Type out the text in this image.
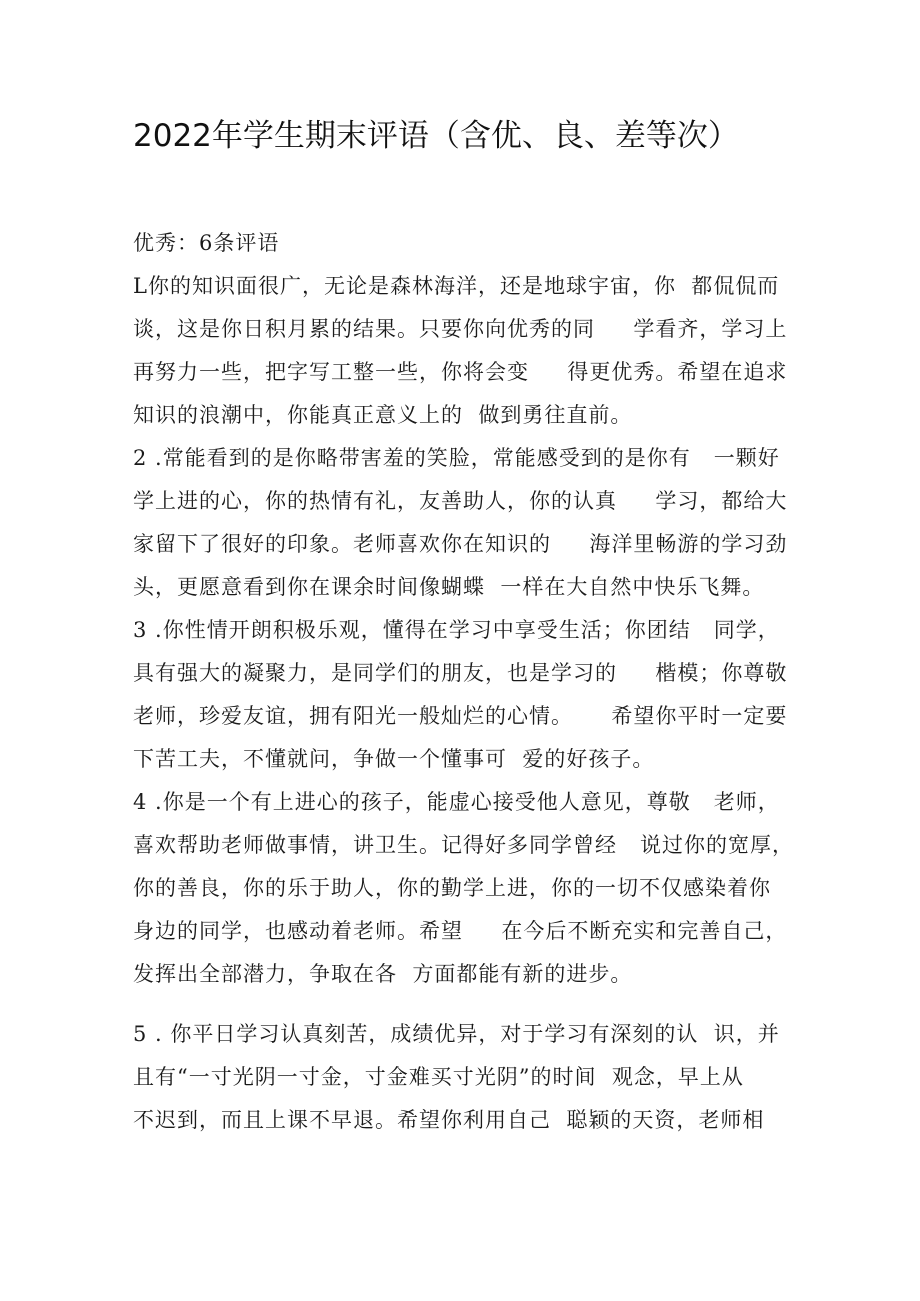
2022年学生期末评语（含优、良、差等次）
优秀：6条评语
L你的知识面很广，无论是森林海洋，还是地球宇宙，你  都侃侃而
谈，这是你日积月累的结果。只要你向优秀的同     学看齐，学习上
再努力一些，把字写工整一些，你将会变     得更优秀。希望在追求
知识的浪潮中，你能真正意义上的  做到勇往直前。
2 .常能看到的是你略带害羞的笑脸，常能感受到的是你有   一颗好
学上进的心，你的热情有礼，友善助人，你的认真     学习，都给大
家留下了很好的印象。老师喜欢你在知识的     海洋里畅游的学习劲
头，更愿意看到你在课余时间像蝴蝶  一样在大自然中快乐飞舞。
3 .你性情开朗积极乐观，懂得在学习中享受生活；你团结   同学，
具有强大的凝聚力，是同学们的朋友，也是学习的     楷模；你尊敬
老师，珍爱友谊，拥有阳光一般灿烂的心情。     希望你平时一定要
下苦工夫，不懂就问，争做一个懂事可  爱的好孩子。
4 .你是一个有上进心的孩子，能虚心接受他人意见，尊敬   老师，
喜欢帮助老师做事情，讲卫生。记得好多同学曾经   说过你的宽厚，
你的善良，你的乐于助人，你的勤学上进，你的一切不仅感染着你
身边的同学，也感动着老师。希望     在今后不断充实和完善自己，
发挥出全部潜力，争取在各  方面都能有新的进步。
5 . 你平日学习认真刻苦，成绩优异，对于学习有深刻的认  识，并
且有“一寸光阴一寸金，寸金难买寸光阴”的时间  观念，早上从
不迟到，而且上课不早退。希望你利用自己  聪颖的天资，老师相
